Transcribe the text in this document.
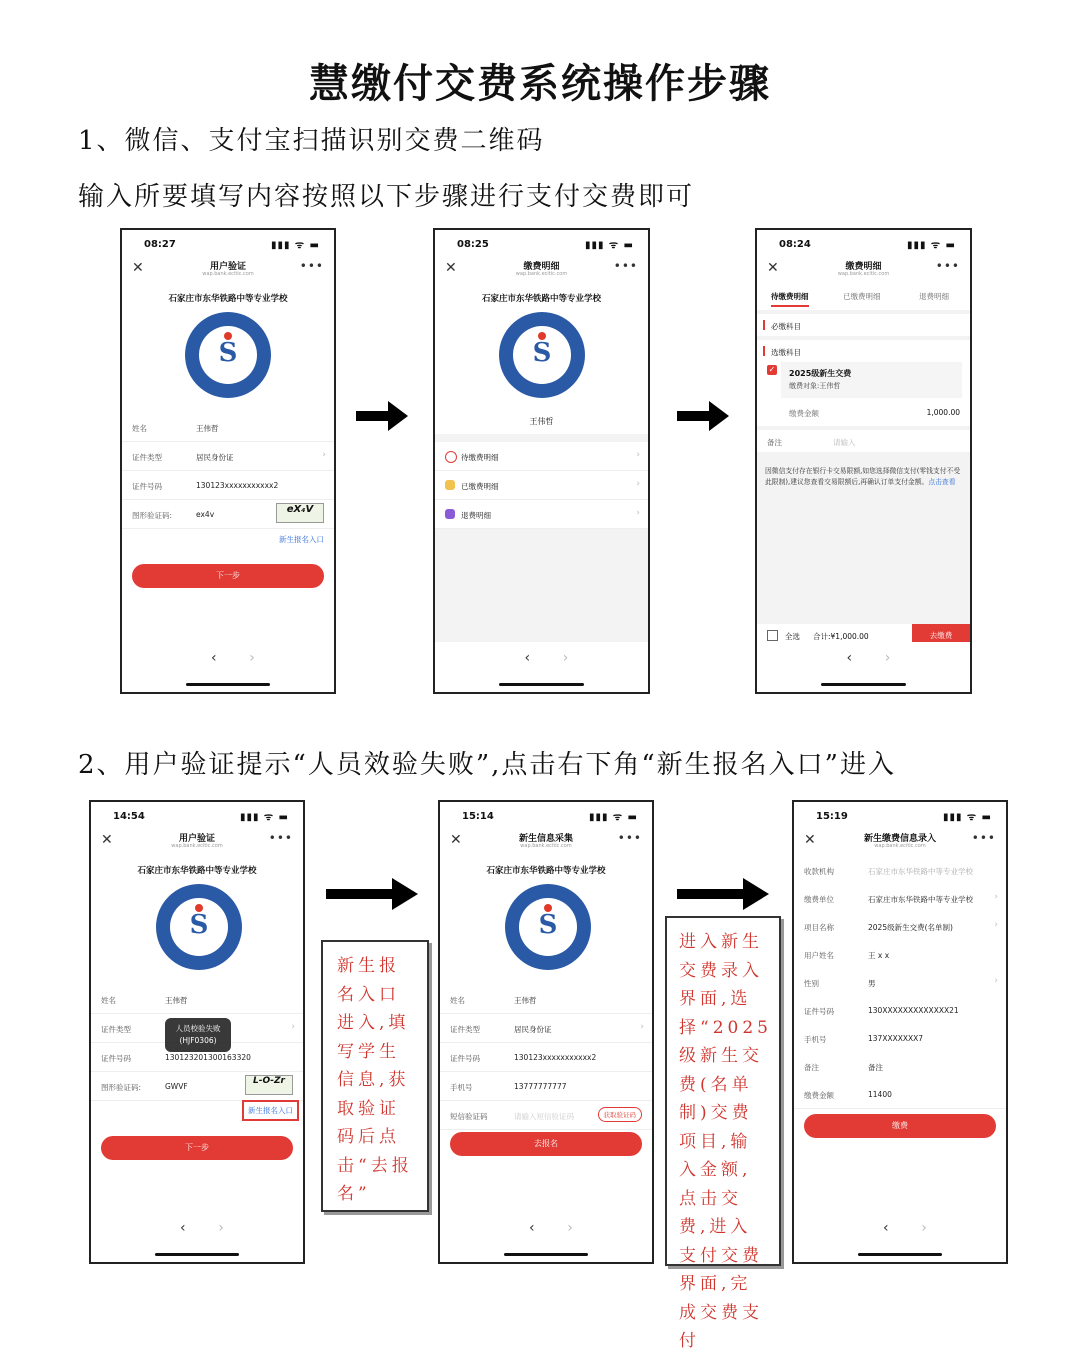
慧缴付交费系统操作步骤
1、微信、支付宝扫描识别交费二维码
输入所要填写内容按照以下步骤进行支付交费即可
08:27	▮▮▮ ᯤ ▬
✕	用户验证
wap.bank.ecitic.com
•••
石家庄市东华铁路中等专业学校
S
姓名	王伟哲
证件类型	居民身份证	›
证件号码	130123xxxxxxxxxxx2
图形验证码:	ex4v	eX₄V
新生报名入口
下一步
‹ ›
08:25	▮▮▮ ᯤ ▬
✕	缴费明细
wap.bank.ecitic.com
•••
石家庄市东华铁路中等专业学校
S
王伟哲
待缴费明细	›
已缴费明细	›
退费明细	›
‹ ›
08:24	▮▮▮ ᯤ ▬
✕	缴费明细
wap.bank.ecitic.com
•••
待缴费明细	已缴费明细	退费明细
必缴科目
选缴科目
✓ 2025级新生交费
缴费对象:王伟哲
缴费金额	1,000.00
备注	请输入
因微信支付存在银行卡交易限额,如您选择微信支付(零钱支付不受此限制),建议您查看交易限额后,再确认订单支付金额。点击查看
全选 合计:¥1,000.00	去缴费
‹ ›
2、用户验证提示“人员效验失败”,点击右下角“新生报名入口”进入
14:54	▮▮▮ ᯤ ▬
✕	用户验证
wap.bank.ecitic.com
•••
石家庄市东华铁路中等专业学校
S
姓名	王伟哲
证件类型	›
证件号码	130123201300163320
图形验证码:	GWVF
L-O-Zr
人员校验失败
(HJF0306)
新生报名入口
下一步
‹ ›
新生报名入口进入,填写学生信息,获取验证码后点击“去报名”
15:14	▮▮▮ ᯤ ▬
✕	新生信息采集
wap.bank.ecitic.com
•••
石家庄市东华铁路中等专业学校
S
姓名	王伟哲
证件类型	居民身份证	›
证件号码	130123xxxxxxxxxxx2
手机号	13777777777
短信验证码	请输入短信验证码	获取验证码
去报名
‹ ›
进入新生交费录入界面,选择“2025级新生交费(名单制)交费项目,输入金额,点击交费,进入支付交费界面,完成交费支付
15:19	▮▮▮ ᯤ ▬
✕	新生缴费信息录入
wap.bank.ecitic.com
•••
收款机构	石家庄市东华铁路中等专业学校
缴费单位	石家庄市东华铁路中等专业学校 ›
项目名称	2025级新生交费(名单制)	›
用户姓名	王 x x
性别	男	›
证件号码	130XXXXXXXXXXXXX21
手机号	137XXXXXXX7
备注	备注
缴费金额	11400
缴费
‹ ›
